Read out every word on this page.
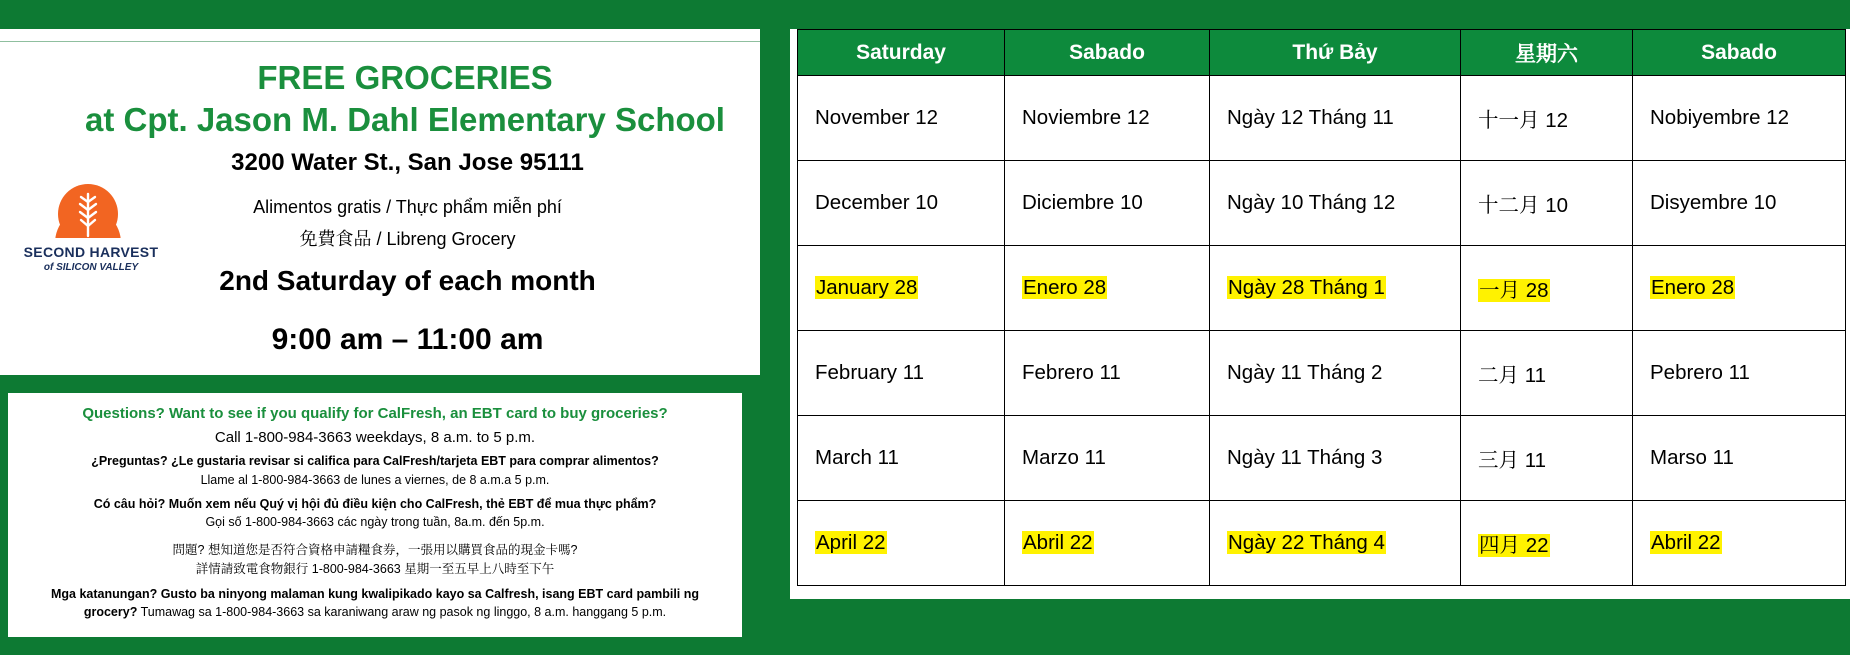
FREE GROCERIES
at Cpt. Jason M. Dahl Elementary School
3200 Water St., San Jose 95111
Alimentos gratis / Thực phẩm miễn phí
免費食品 / Libreng Grocery
2nd Saturday of each month
9:00 am – 11:00 am
SECOND HARVEST
of SILICON VALLEY
Questions? Want to see if you qualify for CalFresh, an EBT card to buy groceries?
Call 1-800-984-3663 weekdays, 8 a.m. to 5 p.m.
¿Preguntas? ¿Le gustaria revisar si califica para CalFresh/tarjeta EBT para comprar alimentos?
Llame al 1-800-984-3663 de lunes a viernes, de 8 a.m.a 5 p.m.
Có câu hỏi? Muốn xem nếu Quý vị hội đủ điều kiện cho CalFresh, thẻ EBT để mua thực phẩm?
Gọi số 1-800-984-3663 các ngày trong tuần, 8a.m. đến 5p.m.
問題? 想知道您是否符合資格申請糧食券，一張用以購買食品的現金卡嗎?
詳情請致電食物銀行 1-800-984-3663 星期一至五早上八時至下午
Mga katanungan? Gusto ba ninyong malaman kung kwalipikado kayo sa Calfresh, isang EBT card pambili ng
grocery? Tumawag sa 1-800-984-3663 sa karaniwang araw ng pasok ng linggo, 8 a.m. hanggang 5 p.m.
Saturday	Sabado	Thứ Bảy	星期六	Sabado
November 12	Noviembre 12	Ngày 12 Tháng 11	十一月 12	Nobiyembre 12
December 10	Diciembre 10	Ngày 10 Tháng 12	十二月 10	Disyembre 10
January 28	Enero 28	Ngày 28 Tháng 1	一月 28	Enero 28
February 11	Febrero 11	Ngày 11 Tháng 2	二月 11	Pebrero 11
March 11	Marzo 11	Ngày 11 Tháng 3	三月 11	Marso 11
April 22	Abril 22	Ngày 22 Tháng 4	四月 22	Abril 22
